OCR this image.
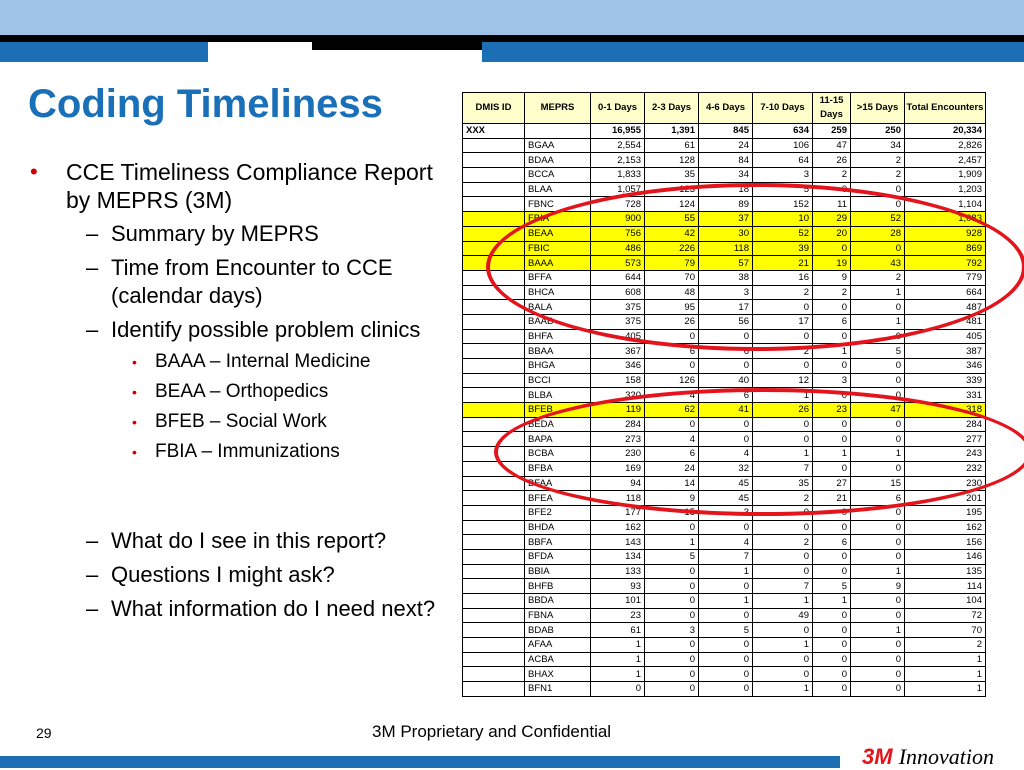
Coding Timeliness
• CCE Timeliness Compliance Report by MEPRS (3M)
– Summary by MEPRS
– Time from Encounter to CCE (calendar days)
– Identify possible problem clinics
• BAAA – Internal Medicine
• BEAA – Orthopedics
• BFEB – Social Work
• FBIA – Immunizations
– What do I see in this report?
– Questions I might ask?
– What information do I need next?
DMIS ID	MEPRS	0-1 Days	2-3 Days	4-6 Days	7-10 Days	11-15 Days	>15 Days	Total Encounters
XXX		16,955	1,391	845	634	259	250	20,334
	BGAA	2,554	61	24	106	47	34	2,826
	BDAA	2,153	128	84	64	26	2	2,457
	BCCA	1,833	35	34	3	2	2	1,909
	BLAA	1,057	123	18	5	0	0	1,203
	FBNC	728	124	89	152	11	0	1,104
	FBIA	900	55	37	10	29	52	1,083
	BEAA	756	42	30	52	20	28	928
	FBIC	486	226	118	39	0	0	869
	BAAA	573	79	57	21	19	43	792
	BFFA	644	70	38	16	9	2	779
	BHCA	608	48	3	2	2	1	664
	BALA	375	95	17	0	0	0	487
	BAAB	375	26	56	17	6	1	481
	BHFA	405	0	0	0	0	0	405
	BBAA	367	6	6	2	1	5	387
	BHGA	346	0	0	0	0	0	346
	BCCI	158	126	40	12	3	0	339
	BLBA	320	4	6	1	0	0	331
	BFEB	119	62	41	26	23	47	318
	BEDA	284	0	0	0	0	0	284
	BAPA	273	4	0	0	0	0	277
	BCBA	230	6	4	1	1	1	243
	BFBA	169	24	32	7	0	0	232
	BFAA	94	14	45	35	27	15	230
	BFEA	118	9	45	2	21	6	201
	BFE2	177	15	3	0	0	0	195
	BHDA	162	0	0	0	0	0	162
	BBFA	143	1	4	2	6	0	156
	BFDA	134	5	7	0	0	0	146
	BBIA	133	0	1	0	0	1	135
	BHFB	93	0	0	7	5	9	114
	BBDA	101	0	1	1	1	0	104
	FBNA	23	0	0	49	0	0	72
	BDAB	61	3	5	0	0	1	70
	AFAA	1	0	0	1	0	0	2
	ACBA	1	0	0	0	0	0	1
	BHAX	1	0	0	0	0	0	1
	BFN1	0	0	0	1	0	0	1
29	3M Proprietary and Confidential
3M Innovation
